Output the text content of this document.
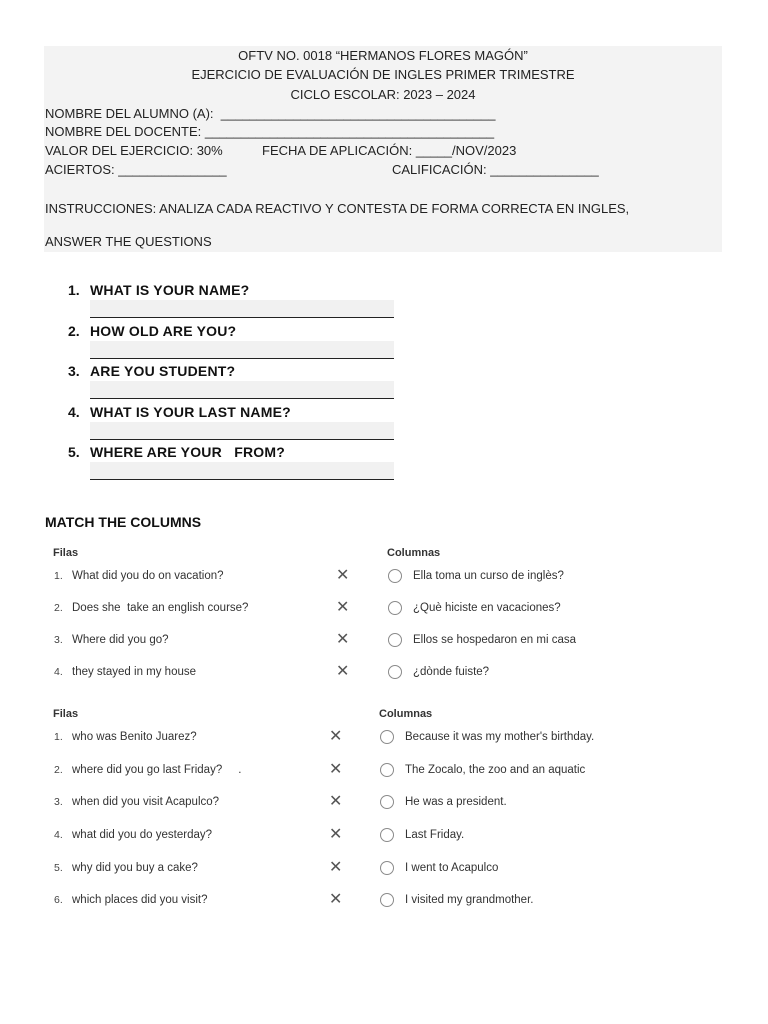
OFTV NO. 0018 “HERMANOS FLORES MAGÓN”
EJERCICIO DE EVALUACIÓN DE INGLES PRIMER TRIMESTRE
CICLO ESCOLAR: 2023 – 2024
NOMBRE DEL ALUMNO (A):  ______________________________________
NOMBRE DEL DOCENTE: ________________________________________
VALOR DEL EJERCICIO: 30%	FECHA DE APLICACIÓN: _____/NOV/2023
ACIERTOS: _______________	CALIFICACIÓN: _______________
INSTRUCCIONES: ANALIZA CADA REACTIVO Y CONTESTA DE FORMA CORRECTA EN INGLES,
ANSWER THE QUESTIONS
1. WHAT IS YOUR NAME?
2. HOW OLD ARE YOU?
3. ARE YOU STUDENT?
4. WHAT IS YOUR LAST NAME?
5. WHERE ARE YOUR   FROM?
MATCH THE COLUMNS
Filas	Columnas
1. What did you do on vacation?	✕	Ella toma un curso de inglès?
2. Does she  take an english course?	✕	¿Què hiciste en vacaciones?
3. Where did you go?	✕	Ellos se hospedaron en mi casa
4. they stayed in my house	✕	¿dònde fuiste?
Filas	Columnas
1. who was Benito Juarez?	✕	Because it was my mother's birthday.
2. where did you go last Friday?     .	✕	The Zocalo, the zoo and an aquatic
3. when did you visit Acapulco?	✕	He was a president.
4. what did you do yesterday?	✕	Last Friday.
5. why did you buy a cake?	✕	I went to Acapulco
6. which places did you visit?	✕	I visited my grandmother.
